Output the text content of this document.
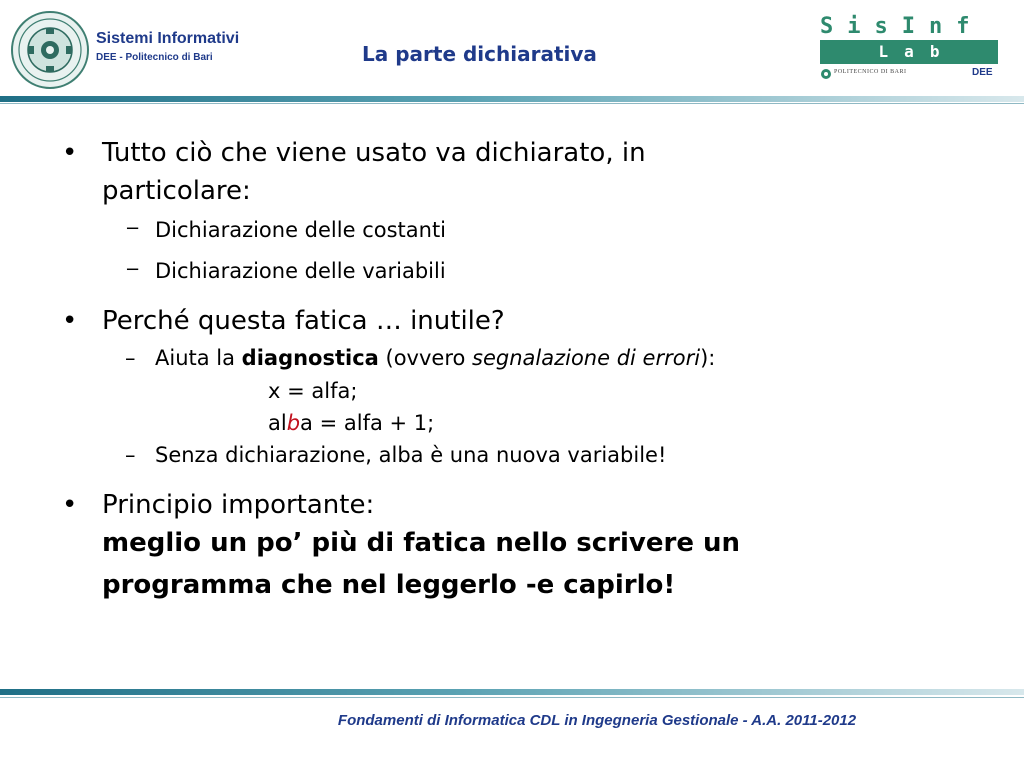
Sistemi Informativi
DEE - Politecnico di Bari	La parte dichiarativa
SisInf
Lab
POLITECNICO DI BARI	DEE
• Tutto ciò che viene usato va dichiarato, in
particolare:
− Dichiarazione delle costanti
− Dichiarazione delle variabili
• Perché questa fatica … inutile?
– Aiuta la diagnostica (ovvero segnalazione di errori):
x = alfa;
alba = alfa + 1;
– Senza dichiarazione, alba è una nuova variabile!
• Principio importante:
meglio un po’ più di fatica nello scrivere un
programma che nel leggerlo -e capirlo!
Fondamenti di Informatica CDL in Ingegneria Gestionale - A.A. 2011-2012
